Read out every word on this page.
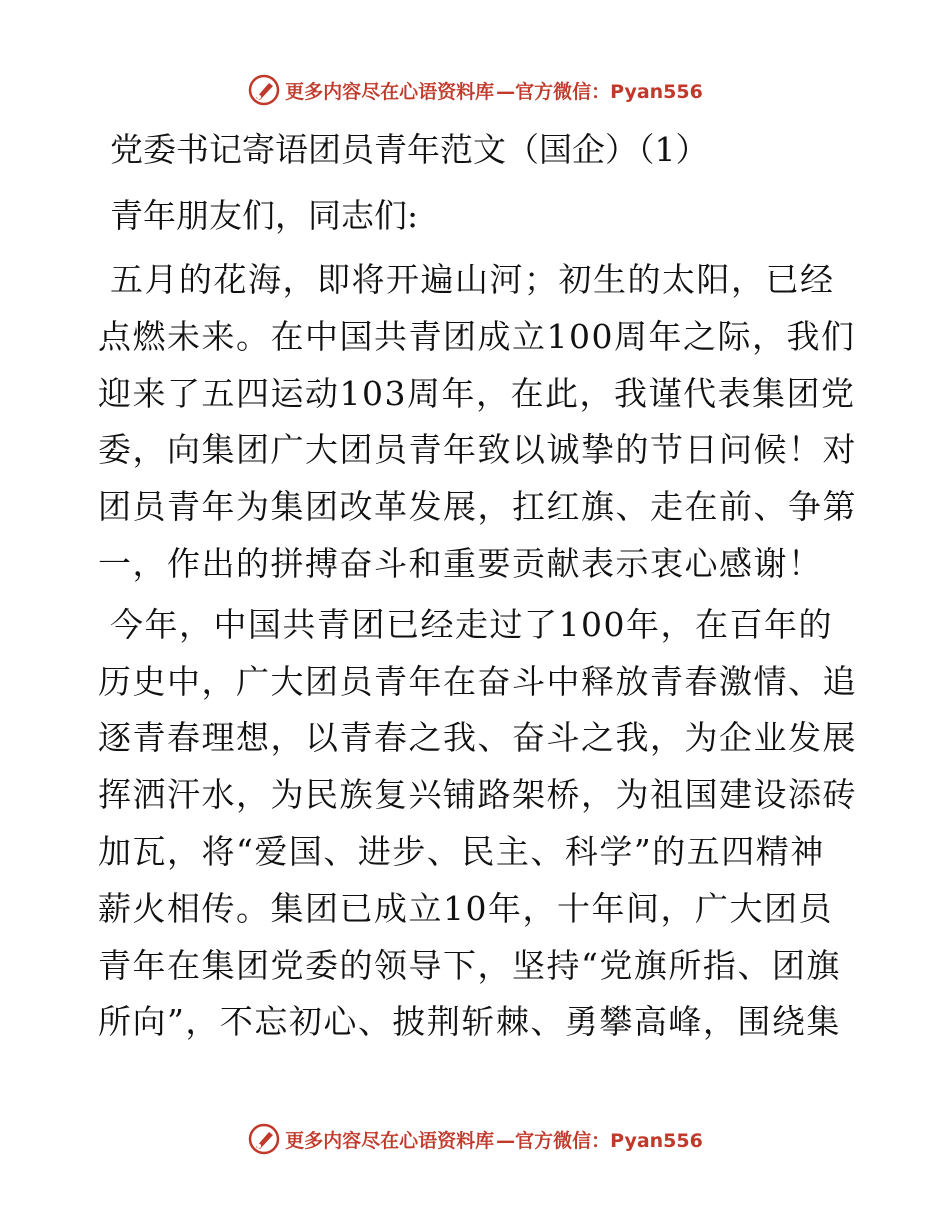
更多内容尽在心语资料库 —官方微信：Pyan556
党委书记寄语团员青年范文（国企）（1）
青年朋友们，同志们:
五月的花海，即将开遍山河；初生的太阳，已经
点燃未来。在中国共青团成立100周年之际，我们
迎来了五四运动103周年，在此，我谨代表集团党
委，向集团广大团员青年致以诚挚的节日问候！对
团员青年为集团改革发展，扛红旗、走在前、争第
一，作出的拼搏奋斗和重要贡献表示衷心感谢！
今年，中国共青团已经走过了100年，在百年的
历史中，广大团员青年在奋斗中释放青春激情、追
逐青春理想，以青春之我、奋斗之我，为企业发展
挥洒汗水，为民族复兴铺路架桥，为祖国建设添砖
加瓦，将“爱国、进步、民主、科学”的五四精神
薪火相传。集团已成立10年，十年间，广大团员
青年在集团党委的领导下，坚持“党旗所指、团旗
所向”，不忘初心、披荆斩棘、勇攀高峰，围绕集
更多内容尽在心语资料库 —官方微信：Pyan556
